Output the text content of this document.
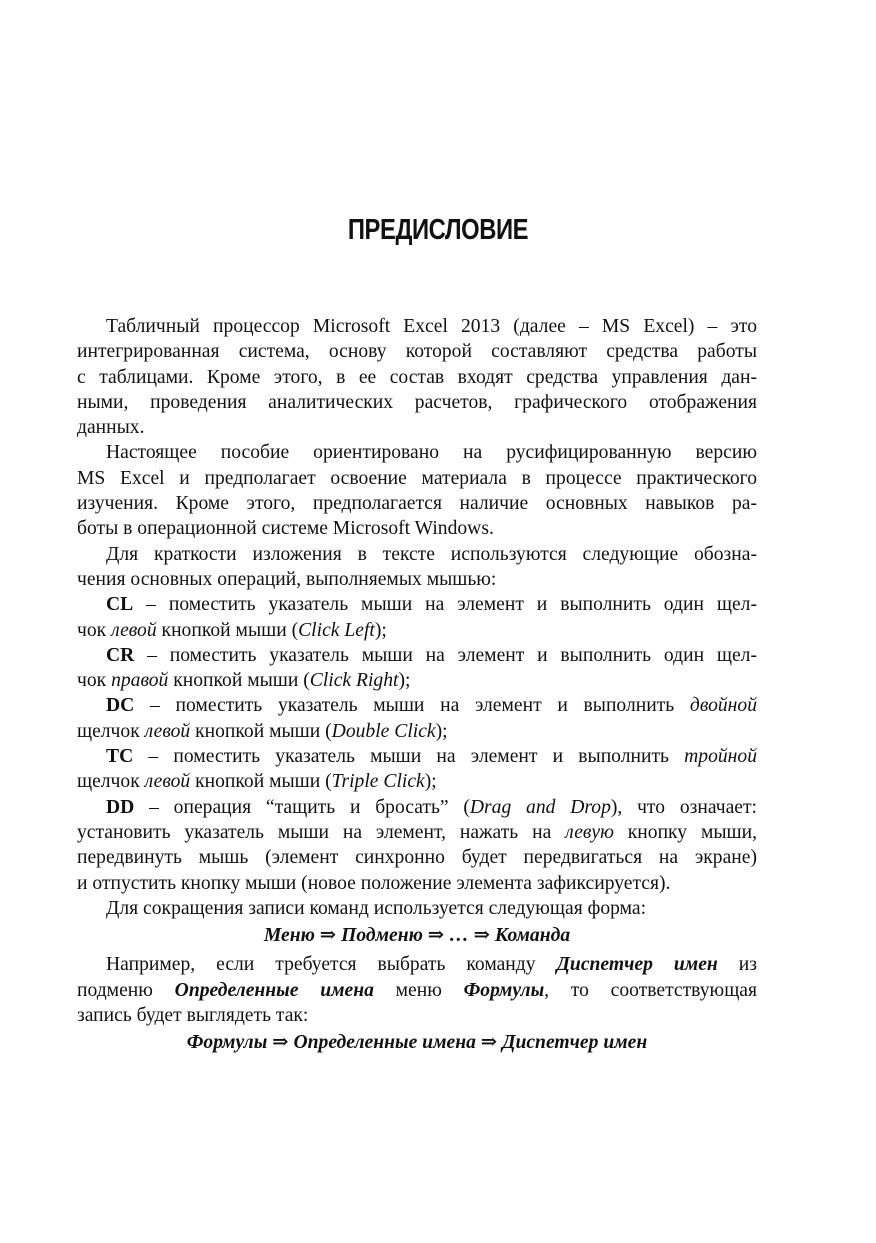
ПРЕДИСЛОВИЕ
Табличный процессор Microsoft Excel 2013 (далее – MS Excel) – это
интегрированная система, основу которой составляют средства работы
с таблицами. Кроме этого, в ее состав входят средства управления дан-
ными, проведения аналитических расчетов, графического отображения
данных.
Настоящее пособие ориентировано на русифицированную версию
MS Excel и предполагает освоение материала в процессе практического
изучения. Кроме этого, предполагается наличие основных навыков ра-
боты в операционной системе Microsoft Windows.
Для краткости изложения в тексте используются следующие обозна-
чения основных операций, выполняемых мышью:
CL – поместить указатель мыши на элемент и выполнить один щел-
чок левой кнопкой мыши (Click Left);
CR – поместить указатель мыши на элемент и выполнить один щел-
чок правой кнопкой мыши (Click Right);
DC – поместить указатель мыши на элемент и выполнить двойной
щелчок левой кнопкой мыши (Double Click);
TC – поместить указатель мыши на элемент и выполнить тройной
щелчок левой кнопкой мыши (Triple Click);
DD – операция “тащить и бросать” (Drag and Drop), что означает:
установить указатель мыши на элемент, нажать на левую кнопку мыши,
передвинуть мышь (элемент синхронно будет передвигаться на экране)
и отпустить кнопку мыши (новое положение элемента зафиксируется).
Для сокращения записи команд используется следующая форма:
Меню ⇒ Подменю ⇒ … ⇒ Команда
Например, если требуется выбрать команду Диспетчер имен из
подменю Определенные имена меню Формулы, то соответствующая
запись будет выглядеть так:
Формулы ⇒ Определенные имена ⇒ Диспетчер имен
